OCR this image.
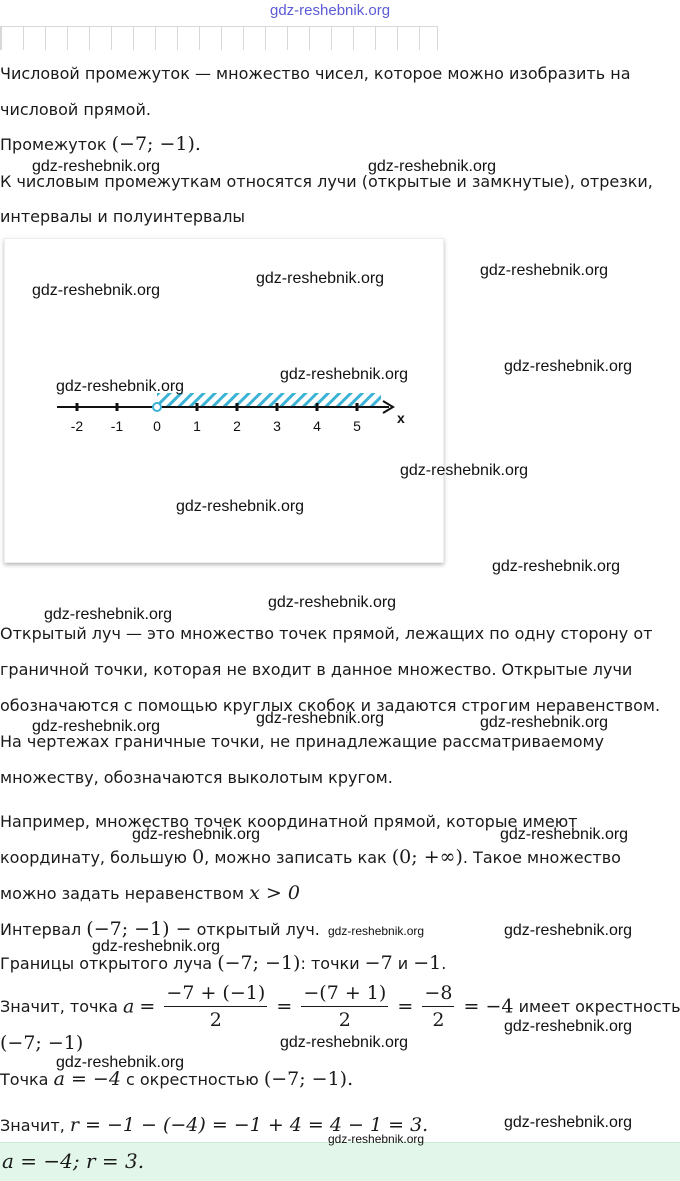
gdz-reshebnik.org
Числовой промежуток — множество чисел, которое можно изобразить на
числовой прямой.
Промежуток (−7; −1).
К числовым промежуткам относятся лучи (открытые и замкнутые), отрезки,
интервалы и полуинтервалы
-2 -1 0 1 2 3 4 5	x
Открытый луч — это множество точек прямой, лежащих по одну сторону от
граничной точки, которая не входит в данное множество. Открытые лучи
обозначаются с помощью круглых скобок и задаются строгим неравенством.
На чертежах граничные точки, не принадлежащие рассматриваемому
множеству, обозначаются выколотым кругом.
Например, множество точек координатной прямой, которые имеют
координату, большую 0, можно записать как (0; +∞). Такое множество
можно задать неравенством x > 0
Интервал (−7; −1) − открытый луч.
Границы открытого луча (−7; −1): точки −7 и −1.
Значит, точка $a = \frac{-7 + (-1)}{2} = \frac{-(7 + 1)}{2} = \frac{-8}{2} = -4$ имеет окрестность
(−7; −1)
Точка a = −4 с окрестностью (−7; −1).
Значит, r = −1 − (−4) = −1 + 4 = 4 − 1 = 3.
a = −4; r = 3.
gdz-reshebnik.org	gdz-reshebnik.org
gdz-reshebnik.org
gdz-reshebnik.org
gdz-reshebnik.org
gdz-reshebnik.org
gdz-reshebnik.org
gdz-reshebnik.org
gdz-reshebnik.org
gdz-reshebnik.org
gdz-reshebnik.org
gdz-reshebnik.org
gdz-reshebnik.org
gdz-reshebnik.org	gdz-reshebnik.org
gdz-reshebnik.org
gdz-reshebnik.org	gdz-reshebnik.org
gdz-reshebnik.org	gdz-reshebnik.org
gdz-reshebnik.org
gdz-reshebnik.org
gdz-reshebnik.org
gdz-reshebnik.org
gdz-reshebnik.org
gdz-reshebnik.org
